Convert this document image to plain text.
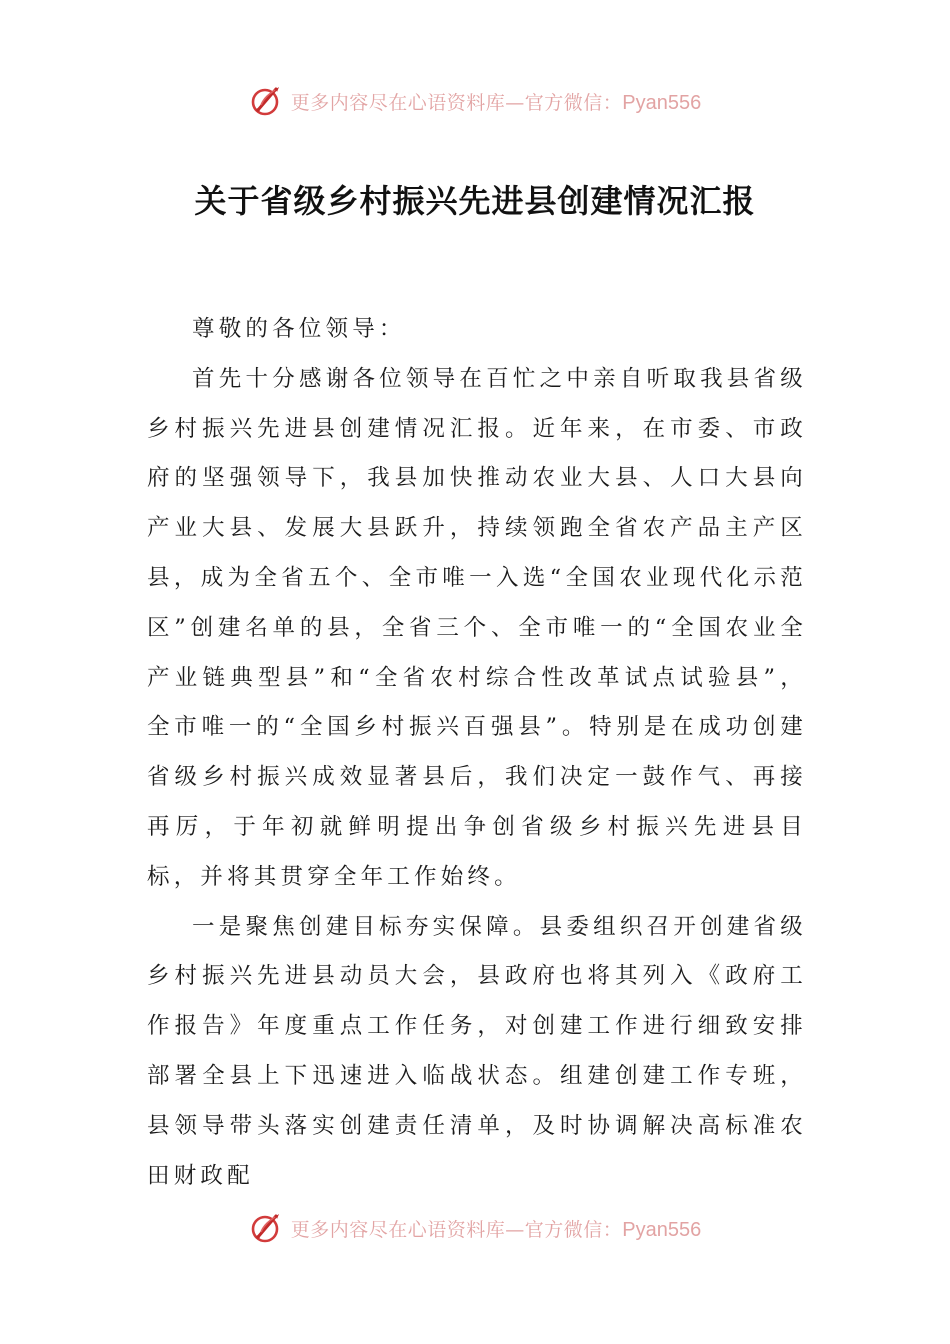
更多内容尽在心语资料库—官方微信：Pyan556
关于省级乡村振兴先进县创建情况汇报

尊敬的各位领导：

首先十分感谢各位领导在百忙之中亲自听取我县省级乡村振兴先进县创建情况汇报。近年来，在市委、市政府的坚强领导下，我县加快推动农业大县、人口大县向产业大县、发展大县跃升，持续领跑全省农产品主产区县，成为全省五个、全市唯一入选“全国农业现代化示范区”创建名单的县，全省三个、全市唯一的“全国农业全产业链典型县”和“全省农村综合性改革试点试验县”，全市唯一的“全国乡村振兴百强县”。特别是在成功创建省级乡村振兴成效显著县后，我们决定一鼓作气、再接再厉，于年初就鲜明提出争创省级乡村振兴先进县目标，并将其贯穿全年工作始终。

一是聚焦创建目标夯实保障。县委组织召开创建省级乡村振兴先进县动员大会，县政府也将其列入《政府工作报告》年度重点工作任务，对创建工作进行细致安排部署全县上下迅速进入临战状态。组建创建工作专班，县领导带头落实创建责任清单，及时协调解决高标准农田财政配

更多内容尽在心语资料库—官方微信：Pyan556
